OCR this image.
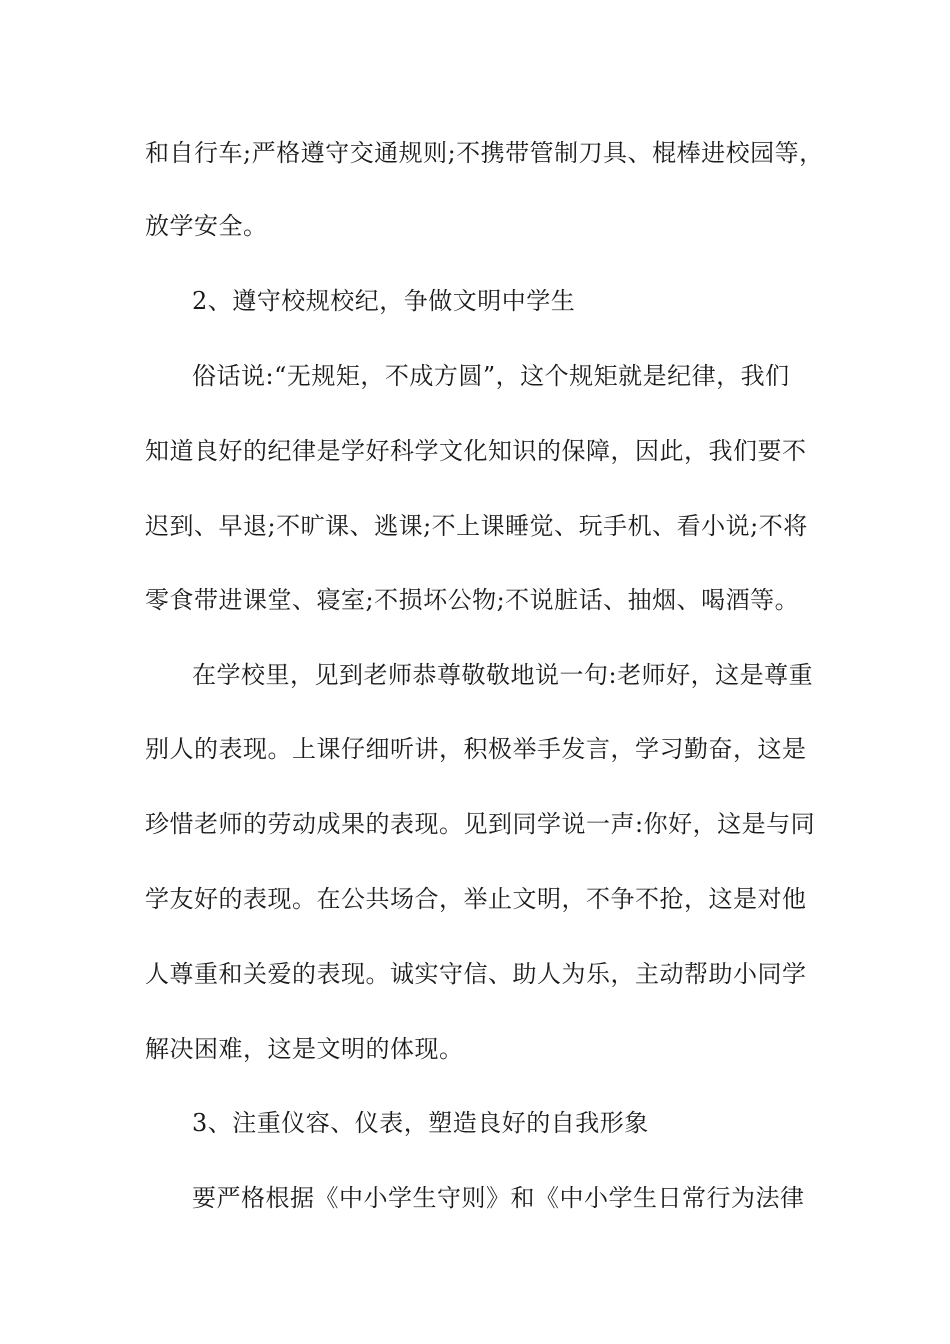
和自行车;严格遵守交通规则;不携带管制刀具、棍棒进校园等，
放学安全。
2、遵守校规校纪，争做文明中学生
俗话说:“无规矩，不成方圆”，这个规矩就是纪律，我们
知道良好的纪律是学好科学文化知识的保障，因此，我们要不
迟到、早退;不旷课、逃课;不上课睡觉、玩手机、看小说;不将
零食带进课堂、寝室;不损坏公物;不说脏话、抽烟、喝酒等。
在学校里，见到老师恭尊敬敬地说一句:老师好，这是尊重
别人的表现。上课仔细听讲，积极举手发言，学习勤奋，这是
珍惜老师的劳动成果的表现。见到同学说一声:你好，这是与同
学友好的表现。在公共场合，举止文明，不争不抢，这是对他
人尊重和关爱的表现。诚实守信、助人为乐，主动帮助小同学
解决困难，这是文明的体现。
3、注重仪容、仪表，塑造良好的自我形象
要严格根据《中小学生守则》和《中小学生日常行为法律
